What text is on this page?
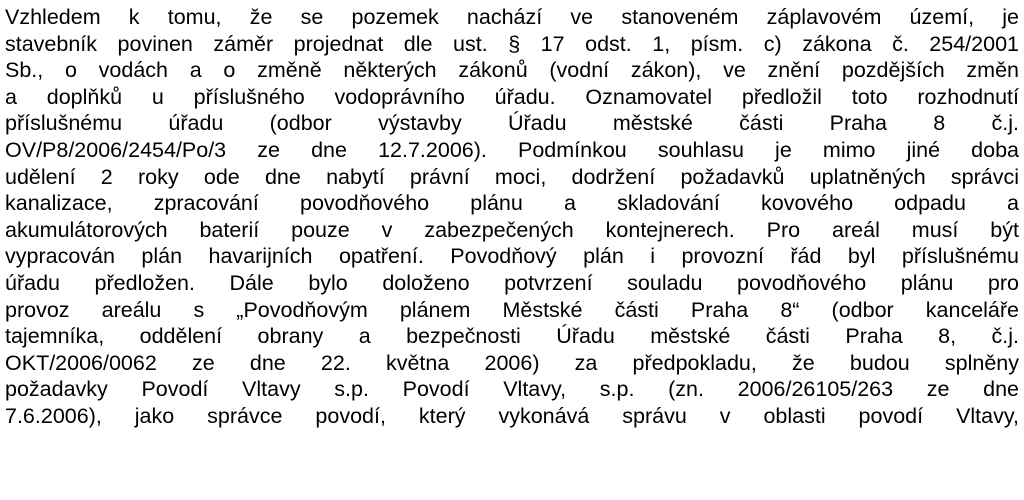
Vzhledem k tomu, že se pozemek nachází ve stanoveném záplavovém území, je
stavebník povinen záměr projednat dle ust. § 17 odst. 1, písm. c) zákona č. 254/2001
Sb., o vodách a o změně některých zákonů (vodní zákon), ve znění pozdějších změn
a doplňků u příslušného vodoprávního úřadu. Oznamovatel předložil toto rozhodnutí
příslušnému úřadu (odbor výstavby Úřadu městské části Praha 8 č.j.
OV/P8/2006/2454/Po/3 ze dne 12.7.2006). Podmínkou souhlasu je mimo jiné doba
udělení 2 roky ode dne nabytí právní moci, dodržení požadavků uplatněných správci
kanalizace, zpracování povodňového plánu a skladování kovového odpadu a
akumulátorových baterií pouze v zabezpečených kontejnerech. Pro areál musí být
vypracován plán havarijních opatření. Povodňový plán i provozní řád byl příslušnému
úřadu předložen. Dále bylo doloženo potvrzení souladu povodňového plánu pro
provoz areálu s „Povodňovým plánem Městské části Praha 8“ (odbor kanceláře
tajemníka, oddělení obrany a bezpečnosti Úřadu městské části Praha 8, č.j.
OKT/2006/0062 ze dne 22. května 2006) za předpokladu, že budou splněny
požadavky Povodí Vltavy s.p. Povodí Vltavy, s.p. (zn. 2006/26105/263 ze dne
7.6.2006), jako správce povodí, který vykonává správu v oblasti povodí Vltavy,
